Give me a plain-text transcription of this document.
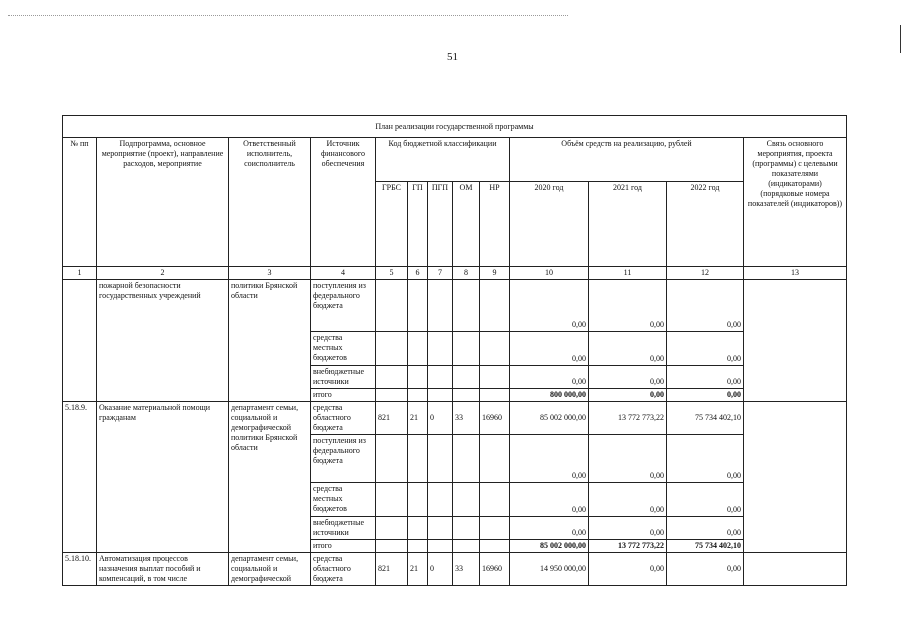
51
План реализации государственной программы												
№ пп	Подпрограмма, основное мероприятие (проект), направление расходов, мероприятие	Ответственный исполнитель, соисполнитель	Источник финансового обеспечения	Код бюджетной классификации					Объём средств на реализацию, рублей			Связь основного мероприятия, проекта (программы) с целевыми показателями (индикаторами) (порядковые номера показателей (индикаторов))
				ГРБС	ГП	ПГП	ОМ	НР	2020 год	2021 год	2022 год	
1	2	3	4	5	6	7	8	9	10	11	12	13
	пожарной безопасности государственных учреждений	политики Брянской области	поступления из федерального бюджета						0,00	0,00	0,00	
			средства местных бюджетов						0,00	0,00	0,00	
			внебюджетные источники						0,00	0,00	0,00	
			итого						800 000,00	0,00	0,00	
5.18.9.	Оказание материальной помощи гражданам	департамент семьи, социальной и демографической политики Брянской области	средства областного бюджета	821	21	0	33	16960	85 002 000,00	13 772 773,22	75 734 402,10	
			поступления из федерального бюджета						0,00	0,00	0,00	
			средства местных бюджетов						0,00	0,00	0,00	
			внебюджетные источники						0,00	0,00	0,00	
			итого						85 002 000,00	13 772 773,22	75 734 402,10	
5.18.10.	Автоматизация процессов назначения выплат пособий и компенсаций, в том числе	департамент семьи, социальной и демографической	средства областного бюджета	821	21	0	33	16960	14 950 000,00	0,00	0,00	
